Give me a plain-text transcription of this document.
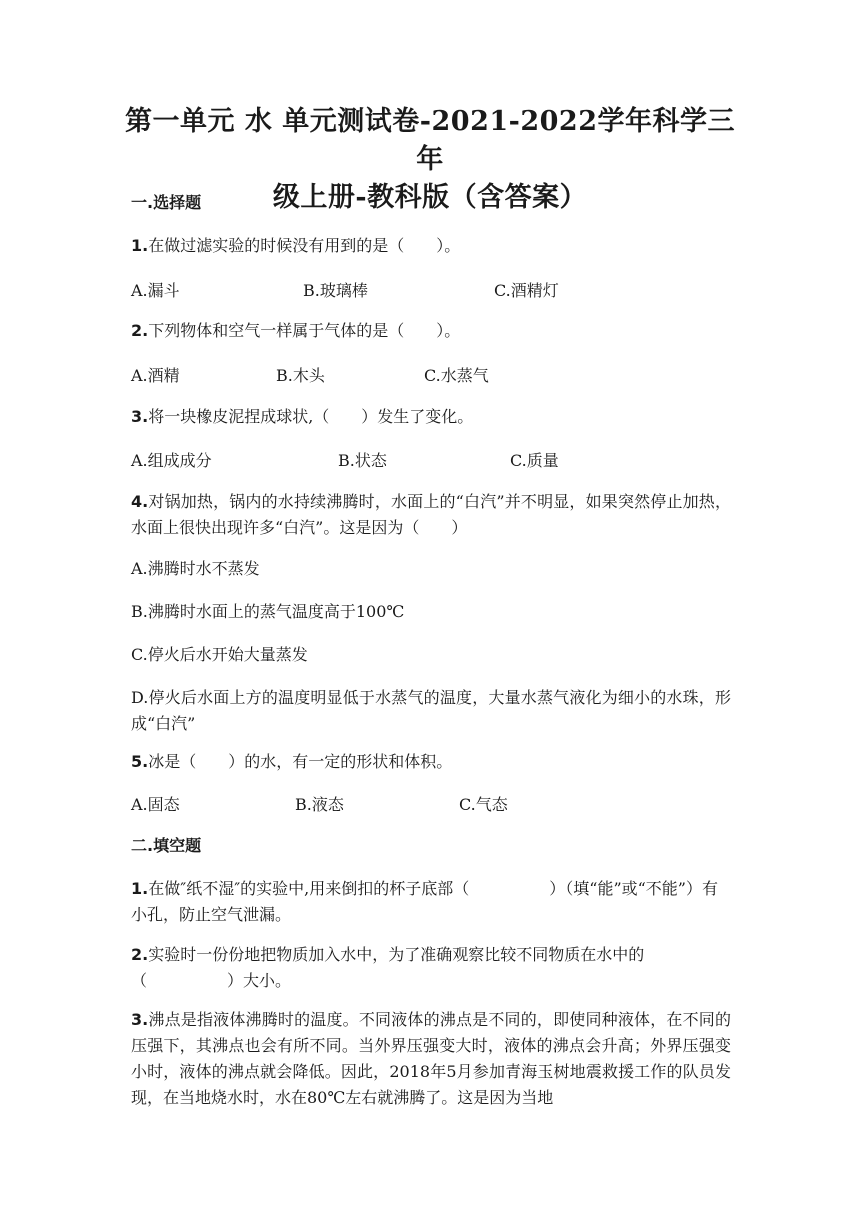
第一单元 水 单元测试卷-2021-2022学年科学三年
级上册-教科版（含答案）
一.选择题
1.在做过滤实验的时候没有用到的是（　　）。
A.漏斗	B.玻璃棒	C.酒精灯
2.下列物体和空气一样属于气体的是（　　）。
A.酒精	B.木头	C.水蒸气
3.将一块橡皮泥捏成球状,（　　）发生了变化。
A.组成成分	B.状态	C.质量
4.对锅加热，锅内的水持续沸腾时，水面上的“白汽”并不明显，如果突然停止加热，水面上很快出现许多“白汽”。这是因为（　　）
A.沸腾时水不蒸发
B.沸腾时水面上的蒸气温度高于100℃
C.停火后水开始大量蒸发
D.停火后水面上方的温度明显低于水蒸气的温度，大量水蒸气液化为细小的水珠，形成“白汽”
5.冰是（　　）的水，有一定的形状和体积。
A.固态	B.液态	C.气态
二.填空题
1.在做″纸不湿″的实验中,用来倒扣的杯子底部（　　　　　）（填“能”或“不能”）有小孔，防止空气泄漏。
2.实验时一份份地把物质加入水中，为了准确观察比较不同物质在水中的（　　　　　）大小。
3.沸点是指液体沸腾时的温度。不同液体的沸点是不同的，即使同种液体，在不同的压强下，其沸点也会有所不同。当外界压强变大时，液体的沸点会升高；外界压强变小时，液体的沸点就会降低。因此，2018年5月参加青海玉树地震救援工作的队员发现，在当地烧水时，水在80℃左右就沸腾了。这是因为当地
